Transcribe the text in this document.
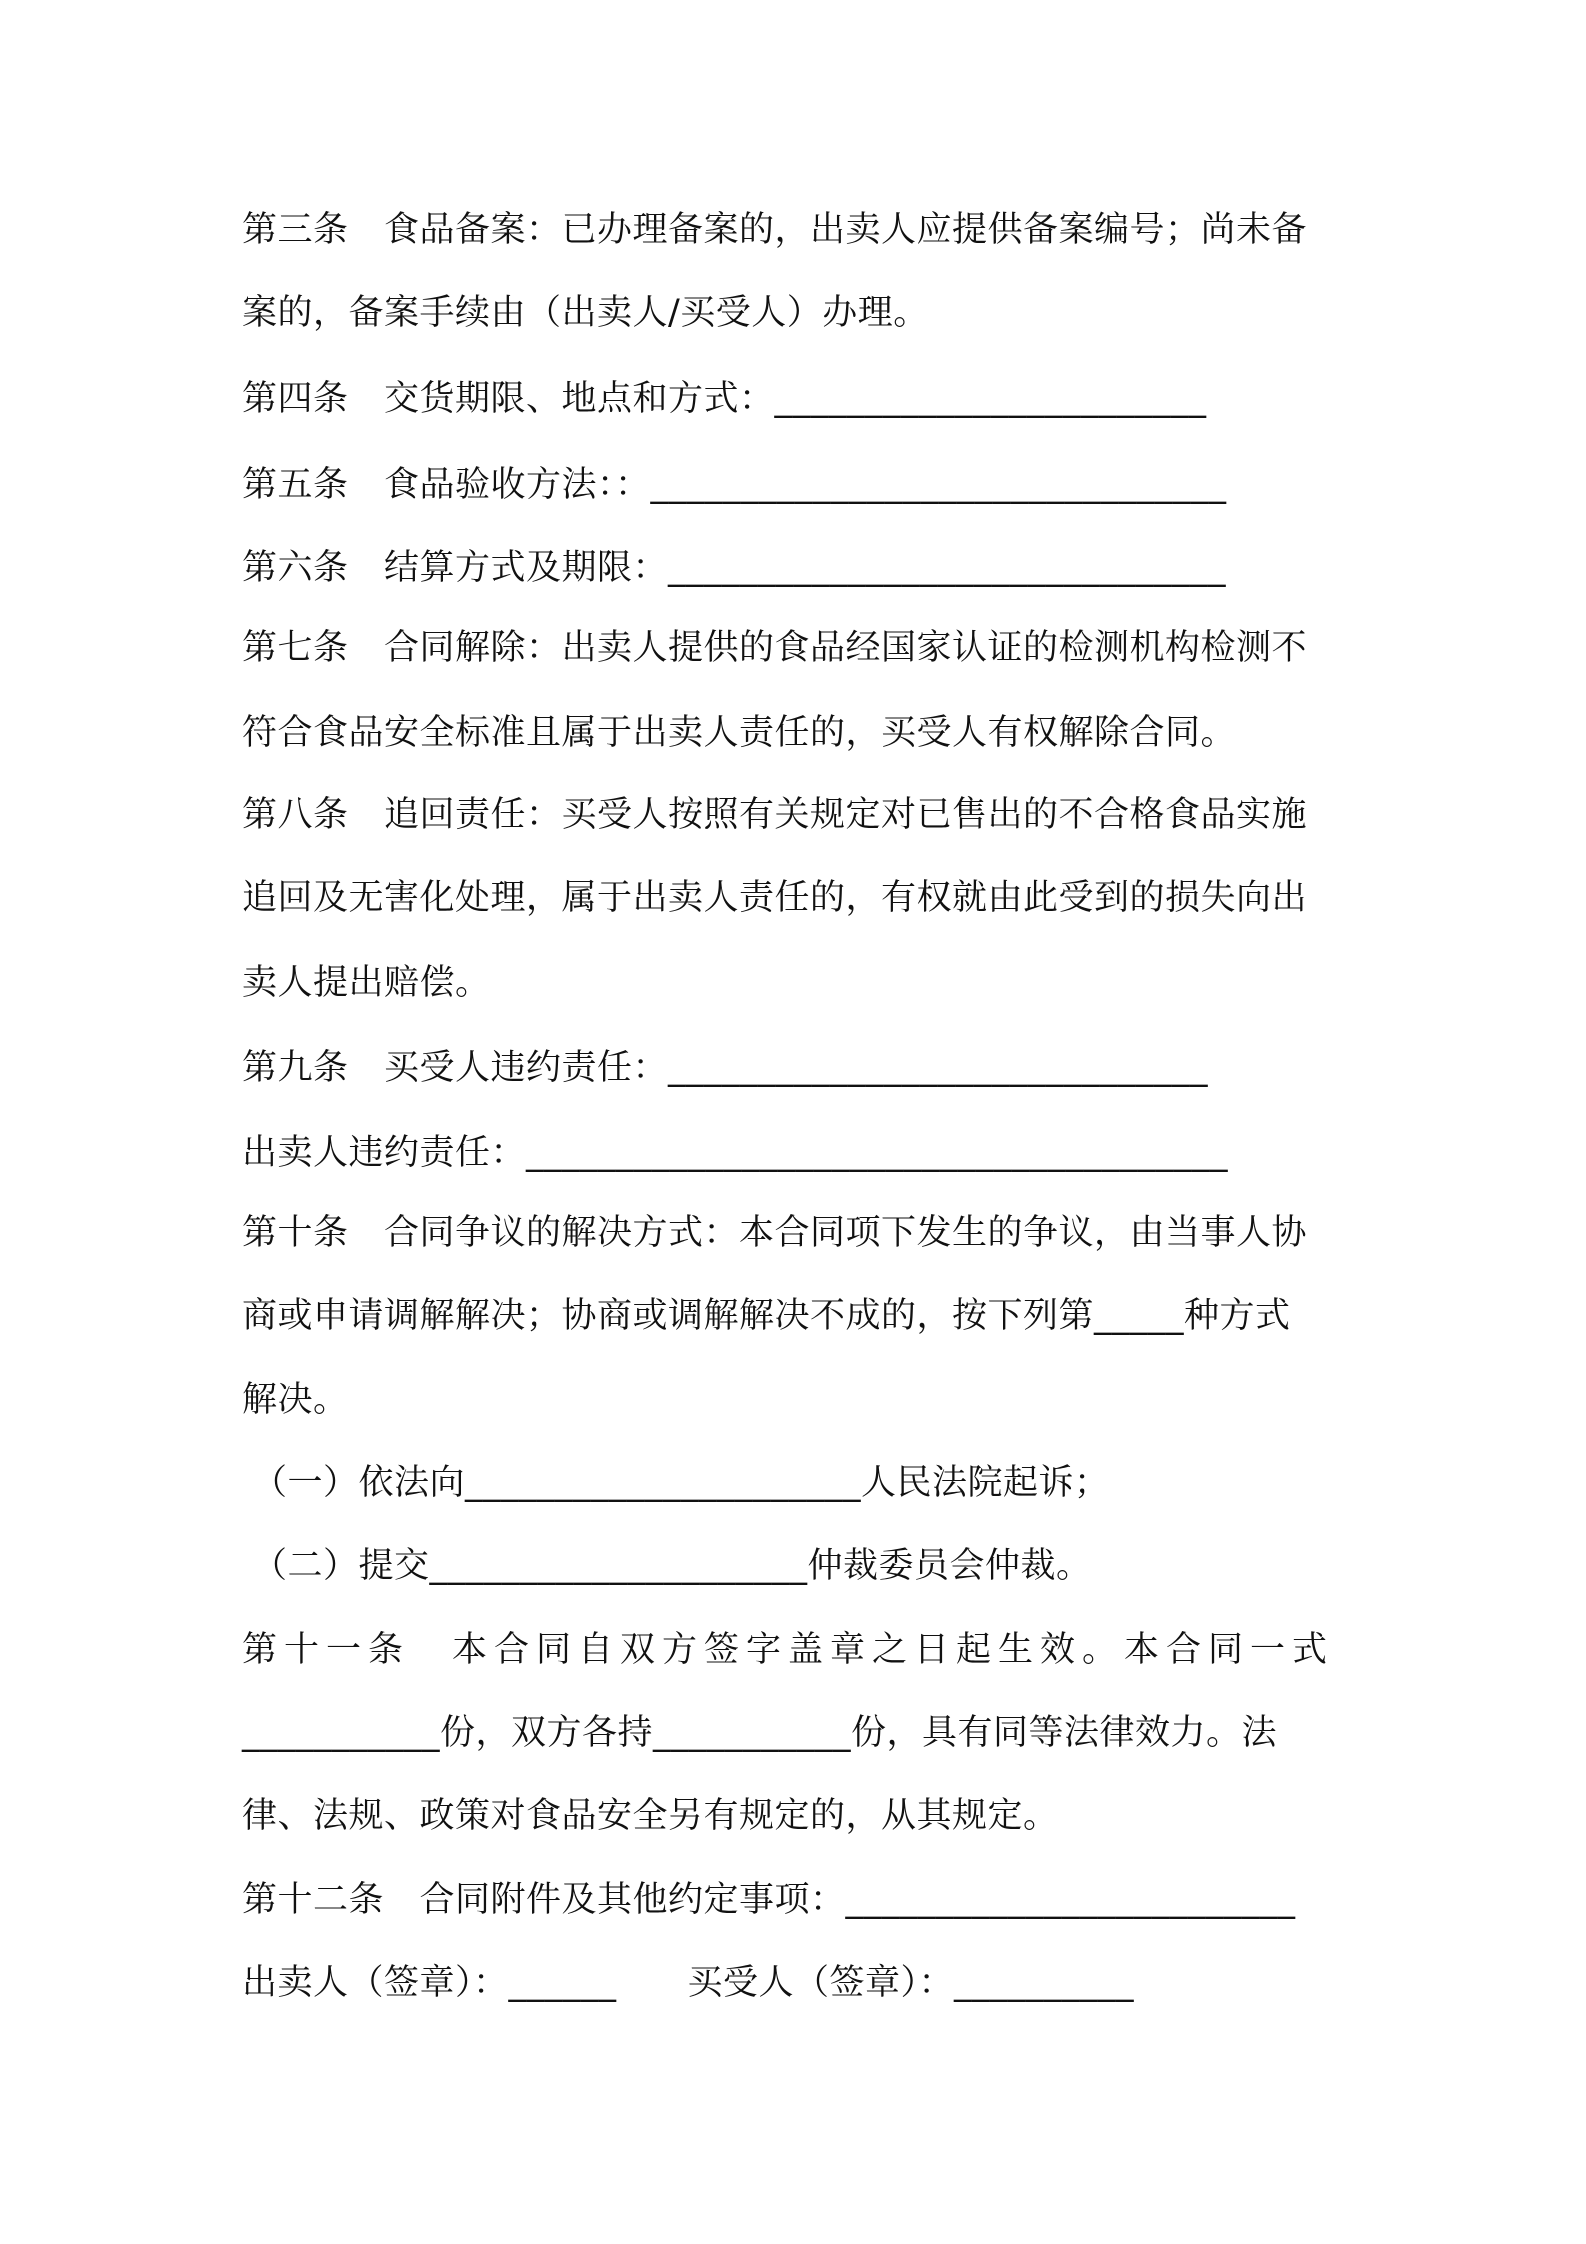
第三条　食品备案：已办理备案的，出卖人应提供备案编号；尚未备
案的，备案手续由（出卖人/买受人）办理。
第四条　交货期限、地点和方式：________________________
第五条　食品验收方法：：________________________________
第六条　结算方式及期限：_______________________________
第七条　合同解除：出卖人提供的食品经国家认证的检测机构检测不
符合食品安全标准且属于出卖人责任的，买受人有权解除合同。
第八条　追回责任：买受人按照有关规定对已售出的不合格食品实施
追回及无害化处理，属于出卖人责任的，有权就由此受到的损失向出
卖人提出赔偿。
第九条　买受人违约责任：______________________________
出卖人违约责任：_______________________________________
第十条　合同争议的解决方式：本合同项下发生的争议，由当事人协
商或申请调解解决；协商或调解解决不成的，按下列第_____种方式
解决。
（一）依法向______________________人民法院起诉；
（二）提交_____________________仲裁委员会仲裁。
第十一条　本合同自双方签字盖章之日起生效。本合同一式
___________份，双方各持___________份，具有同等法律效力。法
律、法规、政策对食品安全另有规定的，从其规定。
第十二条　合同附件及其他约定事项：_________________________
出卖人（签章）：______　　买受人（签章）：__________
